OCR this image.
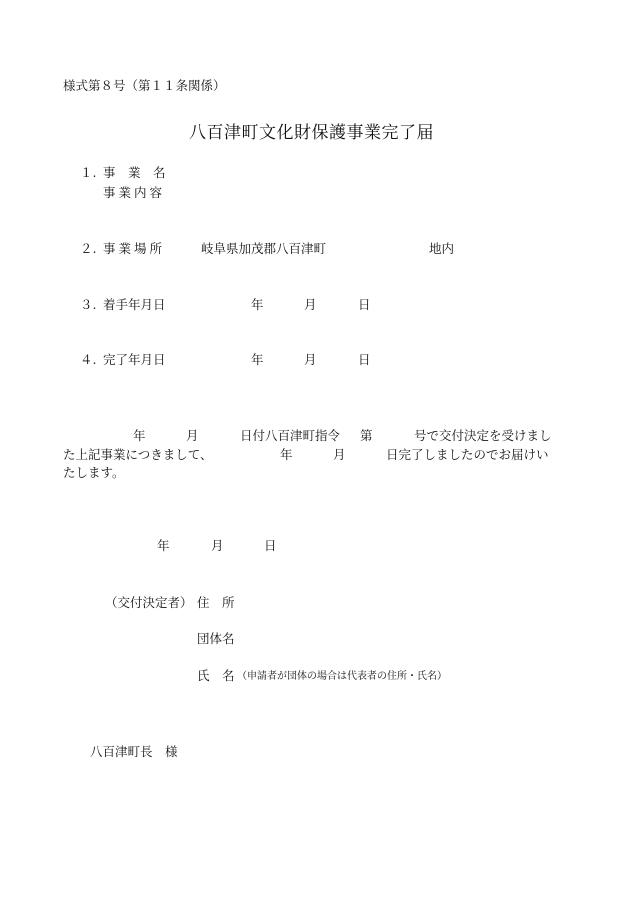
様式第８号（第１１条関係）
八百津町文化財保護事業完了届
１. 事　業　名
事業内容
２. 事業場所	岐阜県加茂郡八百津町	地内
３. 着手年月日	年	月	日
４. 完了年月日	年	月	日
年	月	日付八百津町指令 第	号で交付決定を受けまし
た上記事業につきまして、	年	月	日完了しましたのでお届けい
たします。
年	月	日
（交付決定者） 住　所
団体名
氏　名 （申請者が団体の場合は代表者の住所・氏名）
八百津町長　様
